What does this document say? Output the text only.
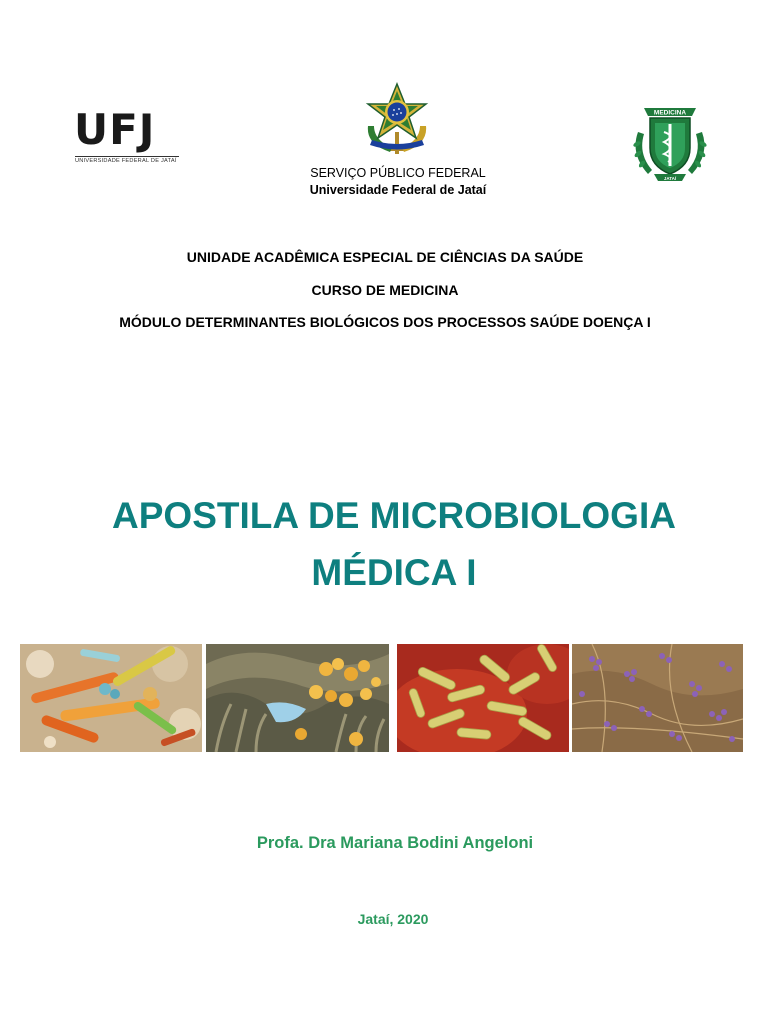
UFJ
UNIVERSIDADE FEDERAL DE JATAÍ
MEDICINA
JATAÍ
SERVIÇO PÚBLICO FEDERAL
Universidade Federal de Jataí
UNIDADE ACADÊMICA ESPECIAL DE CIÊNCIAS DA SAÚDE
CURSO DE MEDICINA
MÓDULO DETERMINANTES BIOLÓGICOS DOS PROCESSOS SAÚDE DOENÇA I
APOSTILA DE MICROBIOLOGIA
MÉDICA I
Profa. Dra Mariana Bodini Angeloni
Jataí, 2020
